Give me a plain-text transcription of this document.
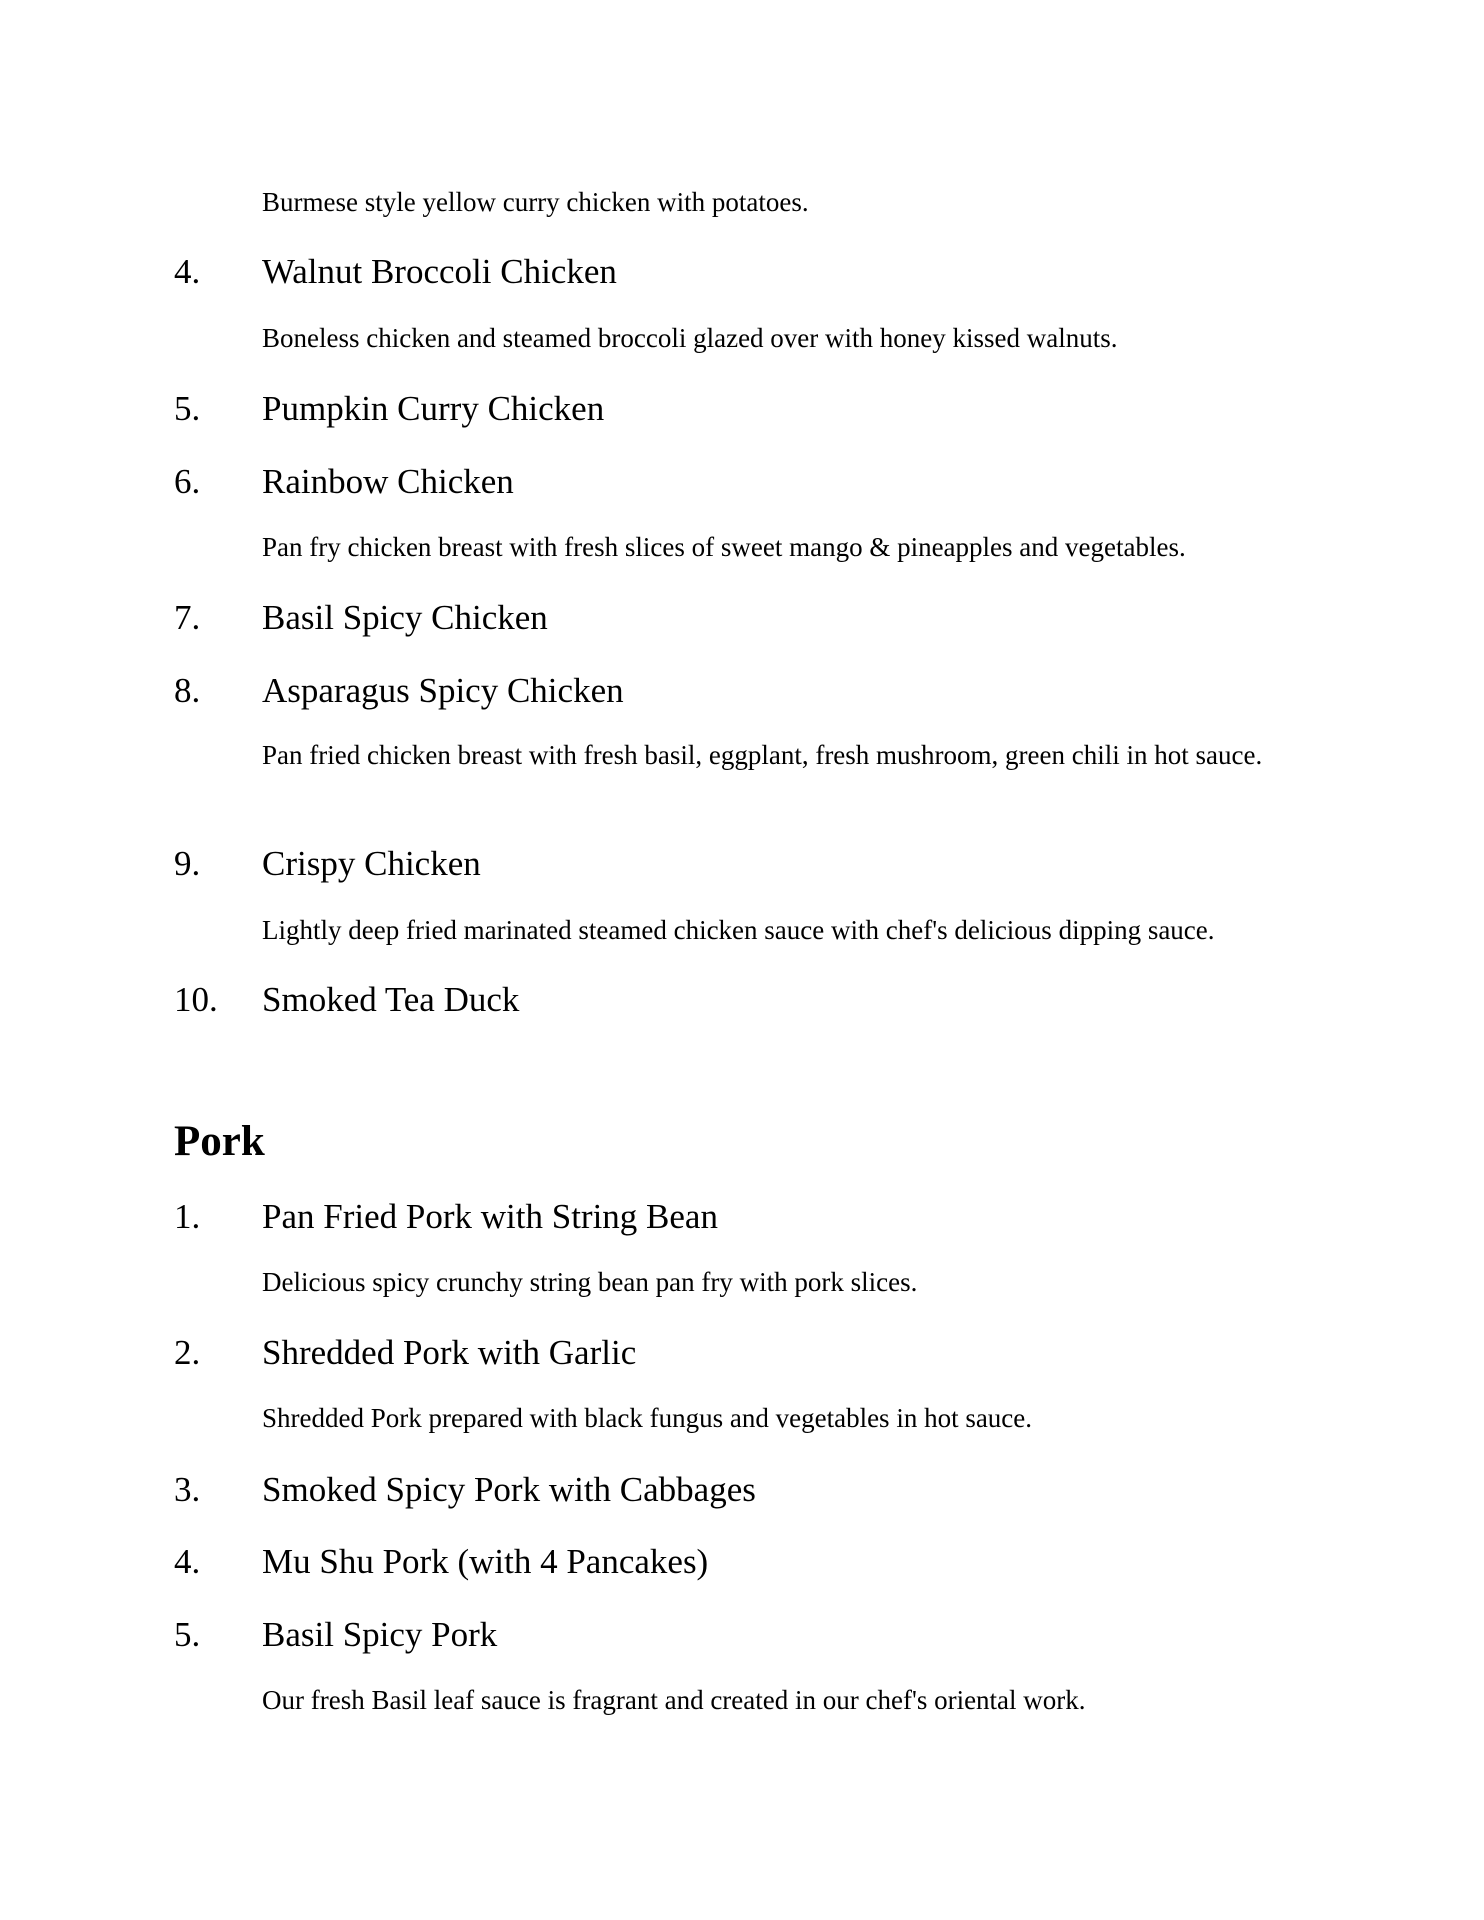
Burmese style yellow curry chicken with potatoes.
4. Walnut Broccoli Chicken
Boneless chicken and steamed broccoli glazed over with honey kissed walnuts.
5. Pumpkin Curry Chicken
6. Rainbow Chicken
Pan fry chicken breast with fresh slices of sweet mango & pineapples and vegetables.
7. Basil Spicy Chicken
8. Asparagus Spicy Chicken
Pan fried chicken breast with fresh basil, eggplant, fresh mushroom, green chili in hot sauce.
9. Crispy Chicken
Lightly deep fried marinated steamed chicken sauce with chef's delicious dipping sauce.
10. Smoked Tea Duck
Pork
1. Pan Fried Pork with String Bean
Delicious spicy crunchy string bean pan fry with pork slices.
2. Shredded Pork with Garlic
Shredded Pork prepared with black fungus and vegetables in hot sauce.
3. Smoked Spicy Pork with Cabbages
4. Mu Shu Pork (with 4 Pancakes)
5. Basil Spicy Pork
Our fresh Basil leaf sauce is fragrant and created in our chef's oriental work.
